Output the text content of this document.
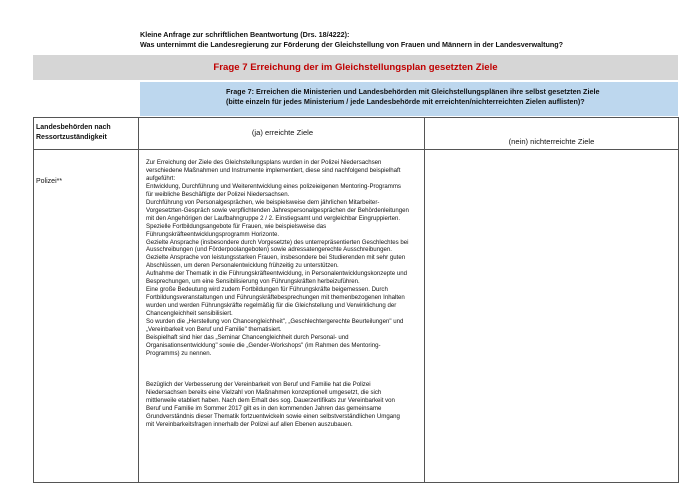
Kleine Anfrage zur schriftlichen Beantwortung (Drs. 18/4222):
Was unternimmt die Landesregierung zur Förderung der Gleichstellung von Frauen und Männern in der Landesverwaltung?
Frage 7 Erreichung der im Gleichstellungsplan gesetzten Ziele
Frage 7: Erreichen die Ministerien und Landesbehörden mit Gleichstellungsplänen ihre selbst gesetzten Ziele
(bitte einzeln für jedes Ministerium / jede Landesbehörde mit erreichten/nichterreichten Zielen auflisten)?
Landesbehörden nach
Ressortzuständigkeit	(ja) erreichte Ziele
(nein) nichterreichte Ziele
Polizei**

Zur Erreichung der Ziele des Gleichstellungsplans wurden in der Polizei Niedersachsen

verschiedene Maßnahmen und Instrumente implementiert, diese sind nachfolgend beispielhaft

aufgeführt:

Entwicklung, Durchführung und Weiterentwicklung eines polizeieigenen Mentoring-Programms

für weibliche Beschäftigte der Polizei Niedersachsen.

Durchführung von Personalgesprächen, wie beispielsweise dem jährlichen Mitarbeiter-

Vorgesetzten-Gespräch sowie verpflichtenden Jahrespersonalgesprächen der Behördenleitungen

mit den Angehörigen der Laufbahngruppe 2 / 2. Einstiegsamt und vergleichbar Eingruppierten.

Spezielle Fortbildungsangebote für Frauen, wie beispielsweise das

Führungskräfteentwicklungsprogramm Horizonte.

Gezielte Ansprache (insbesondere durch Vorgesetzte) des unterrepräsentierten Geschlechtes bei

Ausschreibungen (und Förderpoolangeboten) sowie adressatengerechte Ausschreibungen.

Gezielte Ansprache von leistungsstarken Frauen, insbesondere bei Studierenden mit sehr guten

Abschlüssen, um deren Personalentwicklung frühzeitig zu unterstützen.

Aufnahme der Thematik in die Führungskräfteentwicklung, in Personalentwicklungskonzepte und

Besprechungen, um eine Sensibilisierung von Führungskräften herbeizuführen.

Eine große Bedeutung wird zudem Fortbildungen für Führungskräfte beigemessen. Durch

Fortbildungsveranstaltungen und Führungskräftebesprechungen mit themenbezogenen Inhalten

wurden und werden Führungskräfte regelmäßig für die Gleichstellung und Verwirklichung der

Chancengleichheit sensibilisiert.

So wurden die „Herstellung von Chancengleichheit", „Geschlechtergerechte Beurteilungen" und

„Vereinbarkeit von Beruf und Familie" thematisiert.

Beispielhaft sind hier das „Seminar Chancengleichheit durch Personal- und

Organisationsentwicklung" sowie die „Gender-Workshops" (im Rahmen des Mentoring-

Programms) zu nennen.

Bezüglich der Verbesserung der Vereinbarkeit von Beruf und Familie hat die Polizei

Niedersachsen bereits eine Vielzahl von Maßnahmen konzeptionell umgesetzt, die sich

mittlerweile etabliert haben. Nach dem Erhalt des sog. Dauerzertifikats zur Vereinbarkeit von

Beruf und Familie im Sommer 2017 gilt es in den kommenden Jahren das gemeinsame

Grundverständnis dieser Thematik fortzuentwickeln sowie einen selbstverständlichen Umgang

mit Vereinbarkeitsfragen innerhalb der Polizei auf allen Ebenen auszubauen.
